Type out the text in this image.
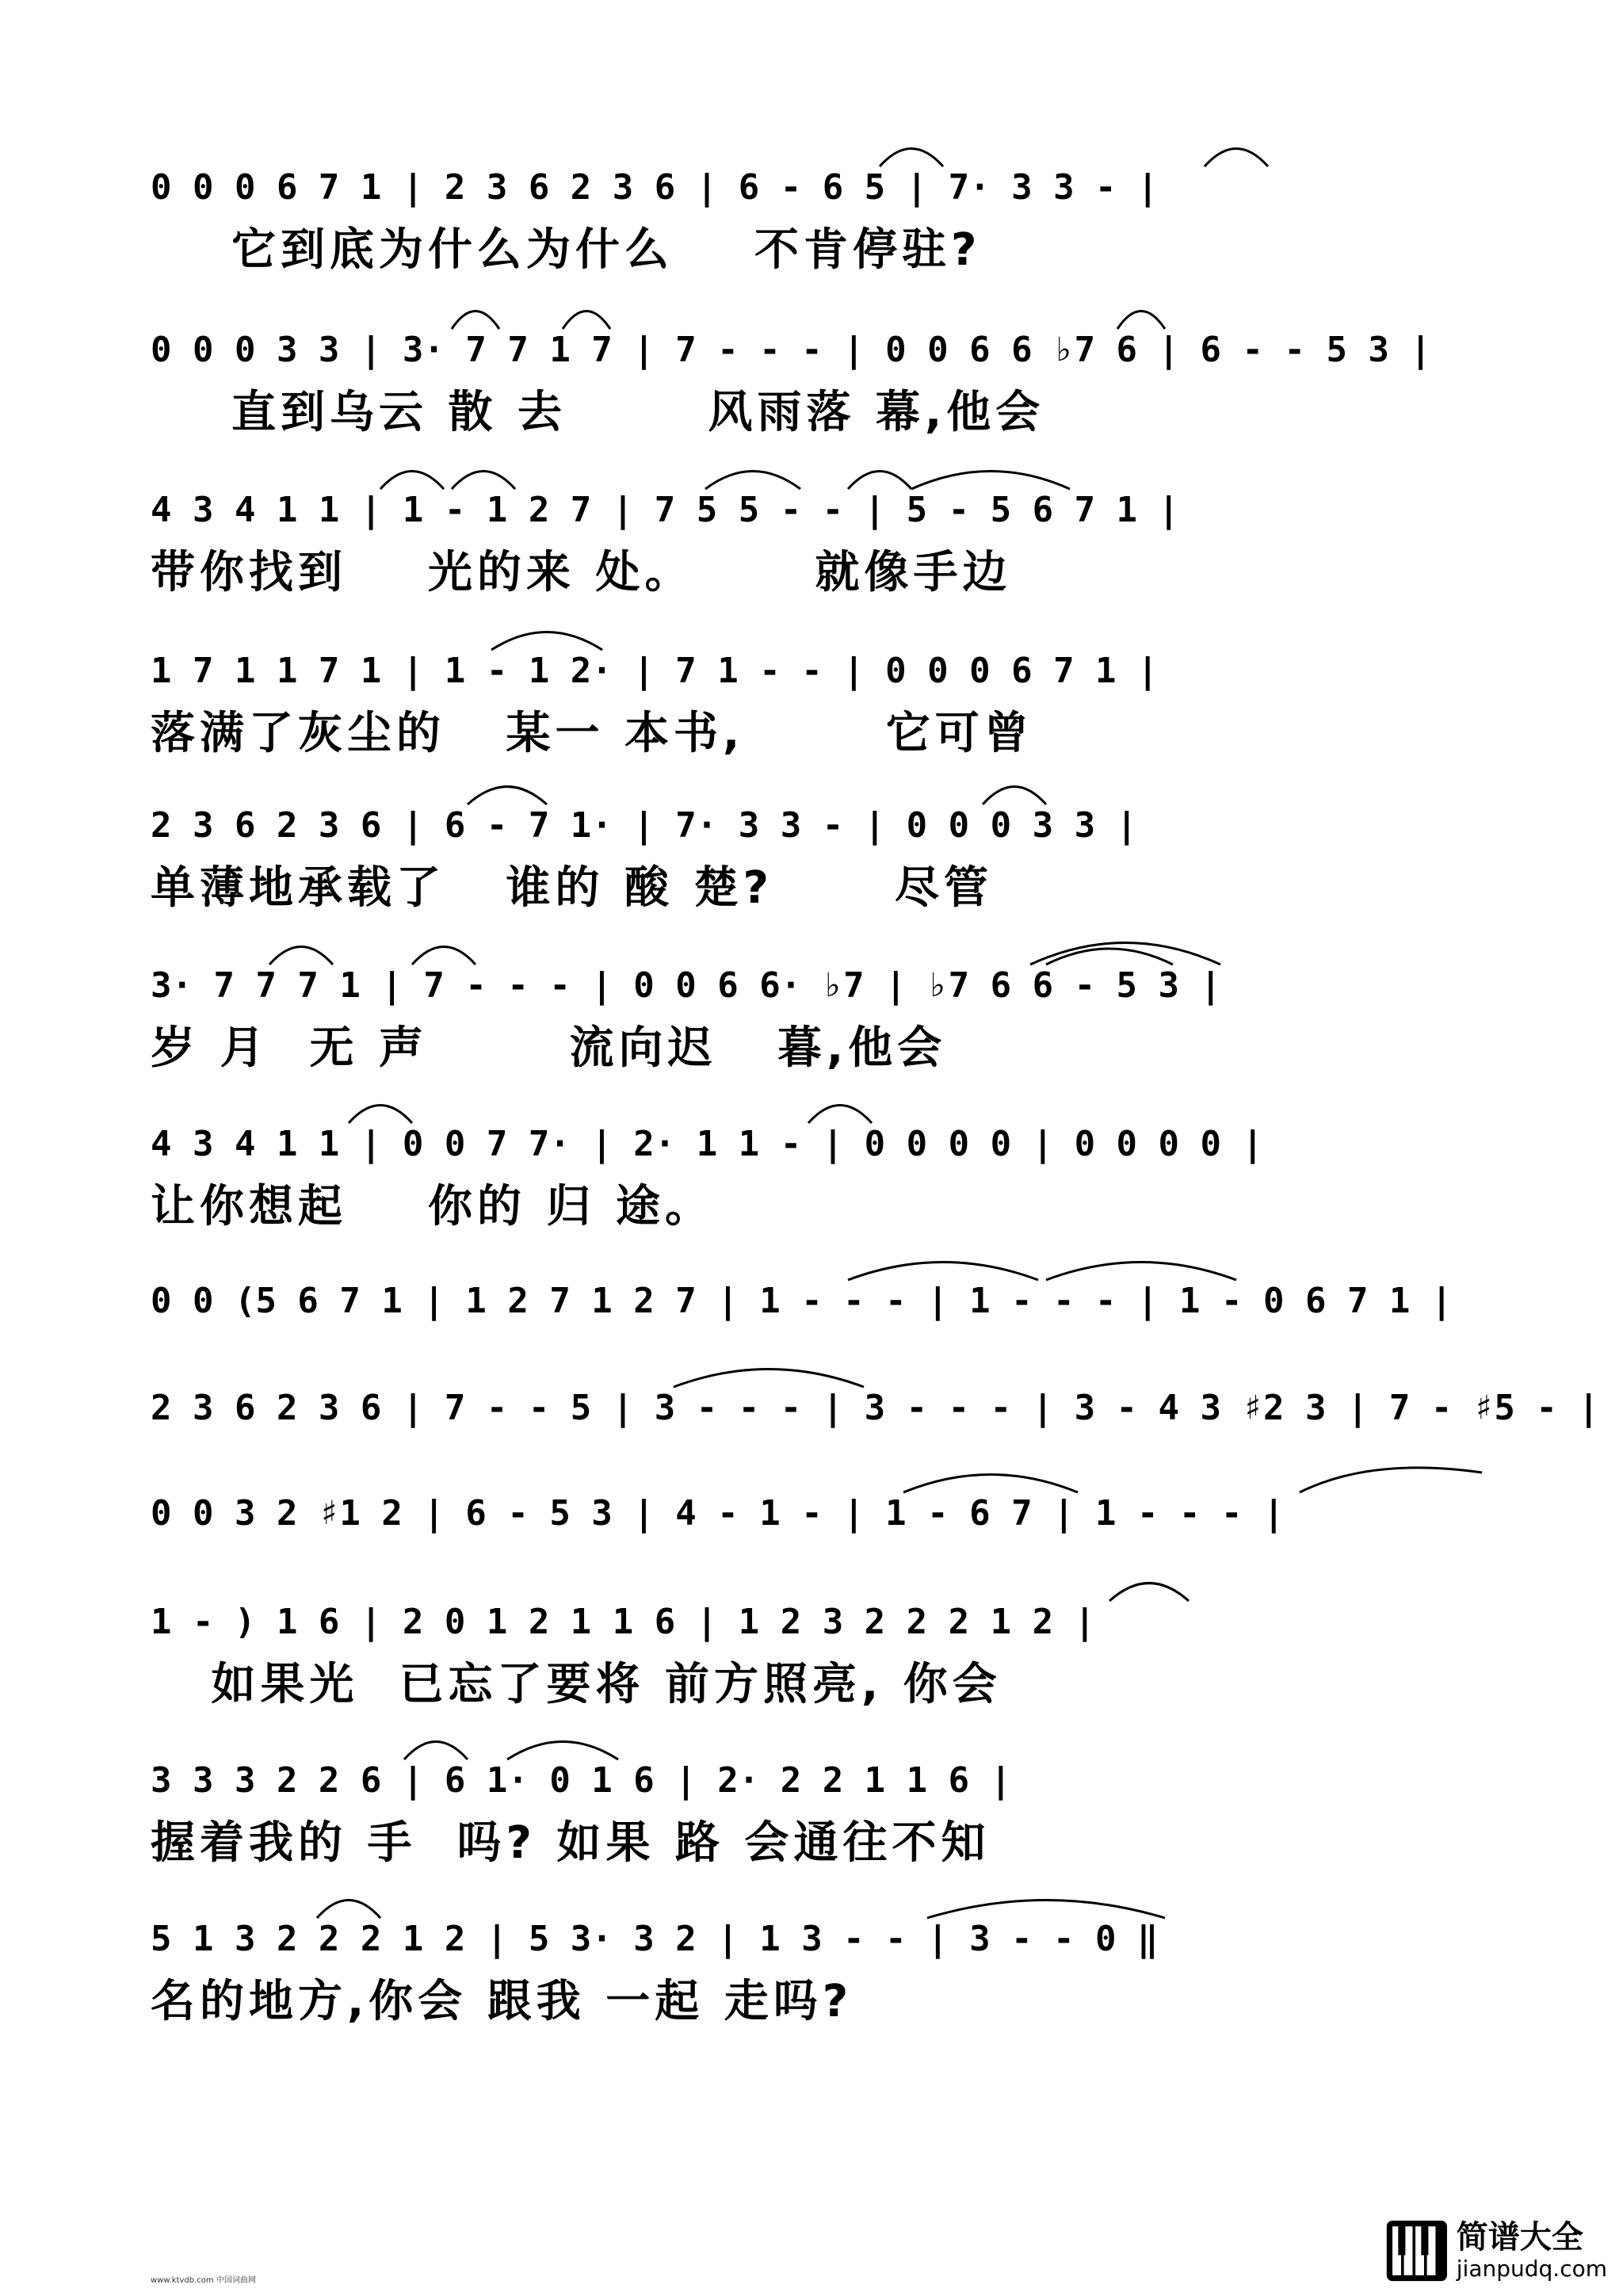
0 0 0 6 7 1 | 2 3 6 2 3 6 | 6 - 6 5 | 7· 3 3 - |
它到底为什么为什么    不肯停驻?
0 0 0 3 3 | 3· 7 7 1 7 | 7 - - - | 0 0 6 6 ♭7 6 | 6 - - 5 3 |
直到乌云 散 去       风雨落 幕,他会
4 3 4 1 1 | 1 - 1 2 7 | 7 5 5 - - | 5 - 5 6 7 1 |
带你找到    光的来 处。      就像手边
1 7 1 1 7 1 | 1 - 1 2· | 7 1 - - | 0 0 0 6 7 1 |
落满了灰尘的   某一 本书,       它可曾
2 3 6 2 3 6 | 6 - 7 1· | 7· 3 3 - | 0 0 0 3 3 |
单薄地承载了   谁的 酸 楚?      尽管
3· 7 7 7 1 | 7 - - - | 0 0 6 6· ♭7 | ♭7 6 6 - 5 3 |
岁 月  无 声       流向迟   暮,他会
4 3 4 1 1 | 0 0 7 7· | 2· 1 1 - | 0 0 0 0 | 0 0 0 0 |
让你想起    你的 归 途。
0 0 (5 6 7 1 | 1 2 7 1 2 7 | 1 - - - | 1 - - - | 1 - 0 6 7 1 |
2 3 6 2 3 6 | 7 - - 5 | 3 - - - | 3 - - - | 3 - 4 3 ♯2 3 | 7 - ♯5 - |
0 0 3 2 ♯1 2 | 6 - 5 3 | 4 - 1 - | 1 - 6 7 | 1 - - - |
1 - ) 1 6 | 2 0 1 2 1 1 6 | 1 2 3 2 2 2 1 2 |
如果光  已忘了要将 前方照亮, 你会
3 3 3 2 2 6 | 6 1· 0 1 6 | 2· 2 2 1 1 6 |
握着我的 手  吗? 如果 路 会通往不知
5 1 3 2 2 2 1 2 | 5 3· 3 2 | 1 3 - - | 3 - - 0 ‖
名的地方,你会 跟我 一起 走吗?
www.ktvdb.com 中国词曲网
简谱大全
jianpudq.com
